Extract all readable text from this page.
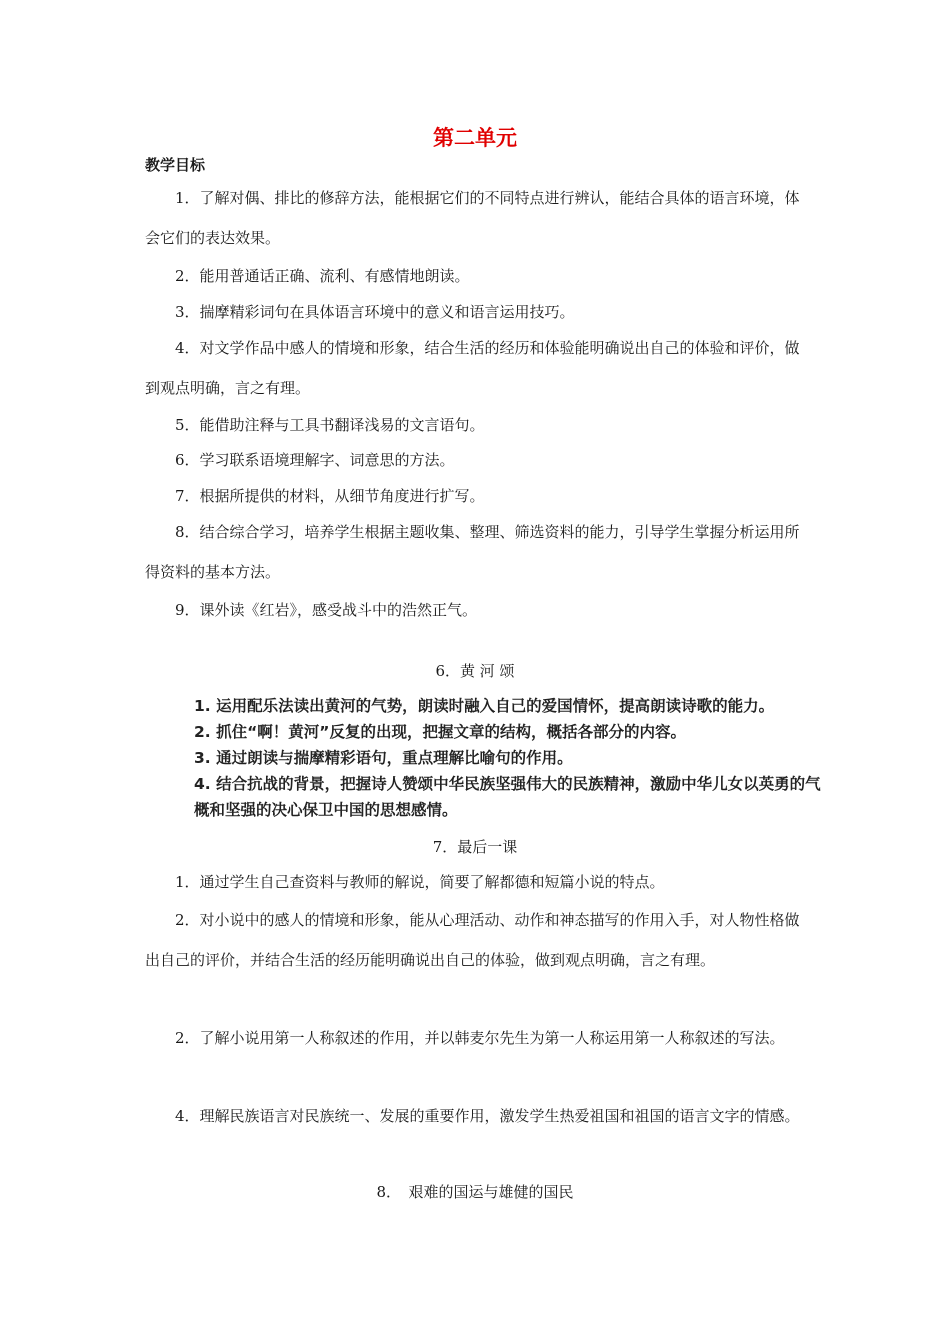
第二单元
教学目标

1．了解对偶、排比的修辞方法，能根据它们的不同特点进行辨认，能结合具体的语言环境，体会它们的表达效果。

2．能用普通话正确、流利、有感情地朗读。

3．揣摩精彩词句在具体语言环境中的意义和语言运用技巧。

4．对文学作品中感人的情境和形象，结合生活的经历和体验能明确说出自己的体验和评价，做到观点明确，言之有理。

5．能借助注释与工具书翻译浅易的文言语句。

6．学习联系语境理解字、词意思的方法。

7．根据所提供的材料，从细节角度进行扩写。

8．结合综合学习，培养学生根据主题收集、整理、筛选资料的能力，引导学生掌握分析运用所得资料的基本方法。

9．课外读《红岩》，感受战斗中的浩然正气。

6．黄 河 颂
1. 运用配乐法读出黄河的气势，朗读时融入自己的爱国情怀，提高朗读诗歌的能力。
2. 抓住“啊！黄河”反复的出现，把握文章的结构，概括各部分的内容。
3. 通过朗读与揣摩精彩语句，重点理解比喻句的作用。
4. 结合抗战的背景，把握诗人赞颂中华民族坚强伟大的民族精神，激励中华儿女以英勇的气概和坚强的决心保卫中国的思想感情。
7．最后一课

1．通过学生自己查资料与教师的解说，简要了解都德和短篇小说的特点。

2．对小说中的感人的情境和形象，能从心理活动、动作和神态描写的作用入手，对人物性格做出自己的评价，并结合生活的经历能明确说出自己的体验，做到观点明确，言之有理。

2．了解小说用第一人称叙述的作用，并以韩麦尔先生为第一人称运用第一人称叙述的写法。

4．理解民族语言对民族统一、发展的重要作用，激发学生热爱祖国和祖国的语言文字的情感。

8．　艰难的国运与雄健的国民
